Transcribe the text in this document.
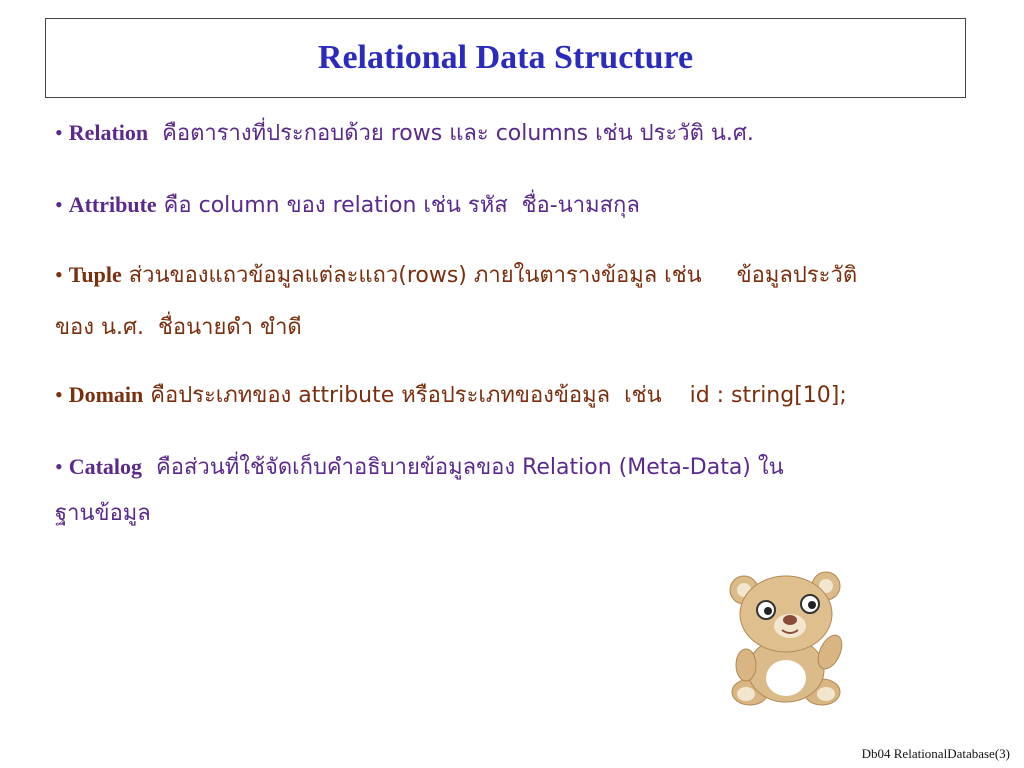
Relational Data Structure
• Relation  คือตารางที่ประกอบด้วย rows และ columns เช่น ประวัติ น.ศ.
• Attribute คือ column ของ relation เช่น รหัส  ชื่อ-นามสกุล
• Tuple ส่วนของแถวข้อมูลแต่ละแถว(rows) ภายในตารางข้อมูล เช่น     ข้อมูลประวัติ
ของ น.ศ.  ชื่อนายดำ ขำดี
• Domain คือประเภทของ attribute หรือประเภทของข้อมูล  เช่น    id : string[10];
• Catalog  คือส่วนที่ใช้จัดเก็บคำอธิบายข้อมูลของ Relation (Meta-Data) ใน
ฐานข้อมูล
Db04 RelationalDatabase(3)
